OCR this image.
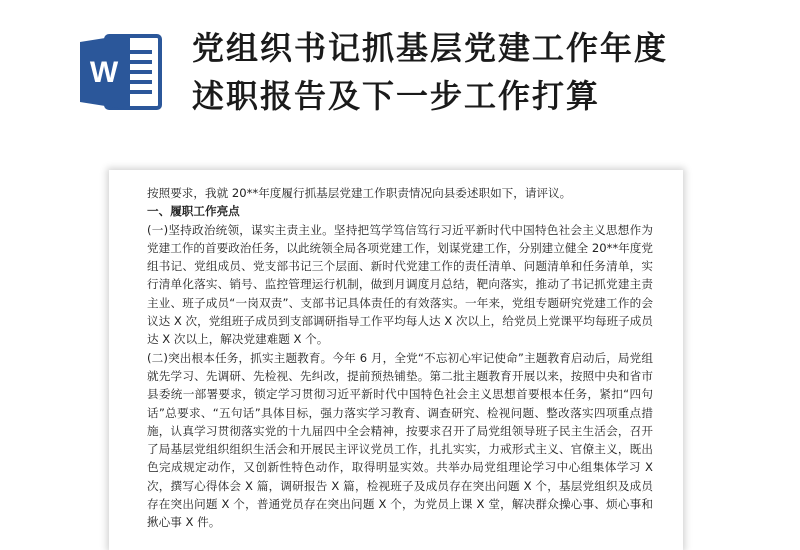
W
党组织书记抓基层党建工作年度
述职报告及下一步工作打算

按照要求，我就 20**年度履行抓基层党建工作职责情况向县委述职如下，请评议。

一、履职工作亮点

(一)坚持政治统领，谋实主责主业。坚持把笃学笃信笃行习近平新时代中国特色社会主义思想作为党建工作的首要政治任务，以此统领全局各项党建工作，划谋党建工作，分别建立健全 20**年度党组书记、党组成员、党支部书记三个层面、新时代党建工作的责任清单、问题清单和任务清单，实行清单化落实、销号、监控管理运行机制，做到月调度月总结，靶向落实，推动了书记抓党建主责主业、班子成员“一岗双责”、支部书记具体责任的有效落实。一年来，党组专题研究党建工作的会议达 X 次，党组班子成员到支部调研指导工作平均每人达 X 次以上，给党员上党课平均每班子成员达 X 次以上，解决党建难题 X 个。

(二)突出根本任务，抓实主题教育。今年 6 月，全党“不忘初心牢记使命”主题教育启动后，局党组就先学习、先调研、先检视、先纠改，提前预热铺垫。第二批主题教育开展以来，按照中央和省市县委统一部署要求，锁定学习贯彻习近平新时代中国特色社会主义思想首要根本任务，紧扣“四句话”总要求、“五句话”具体目标，强力落实学习教育、调查研究、检视问题、整改落实四项重点措施，认真学习贯彻落实党的十九届四中全会精神，按要求召开了局党组领导班子民主生活会，召开了局基层党组织组织生活会和开展民主评议党员工作，扎扎实实，力戒形式主义、官僚主义，既出色完成规定动作，又创新性特色动作，取得明显实效。共举办局党组理论学习中心组集体学习 X 次，撰写心得体会 X 篇，调研报告 X 篇，检视班子及成员存在突出问题 X 个，基层党组织及成员存在突出问题 X 个，普通党员存在突出问题 X 个，为党员上课 X 堂，解决群众操心事、烦心事和揪心事 X 件。
